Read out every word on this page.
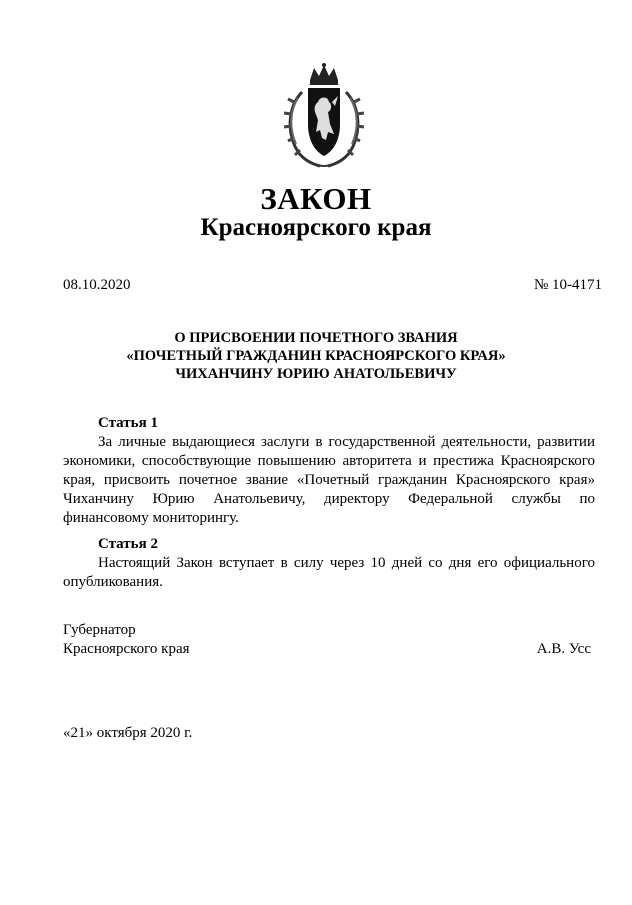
ЗАКОН
Красноярского края
08.10.2020	№ 10-4171
О ПРИСВОЕНИИ ПОЧЕТНОГО ЗВАНИЯ
«ПОЧЕТНЫЙ ГРАЖДАНИН КРАСНОЯРСКОГО КРАЯ»
ЧИХАНЧИНУ ЮРИЮ АНАТОЛЬЕВИЧУ
Статья 1

За личные выдающиеся заслуги в государственной деятельности, развитии экономики, способствующие повышению авторитета и престижа Красноярского края, присвоить почетное звание «Почетный гражданин Красноярского края» Чиханчину Юрию Анатольевичу, директору Федеральной службы по финансовому мониторингу.

Статья 2

Настоящий Закон вступает в силу через 10 дней со дня его официального опубликования.

Губернатор
Красноярского края	А.В. Усс
«21» октября 2020 г.
